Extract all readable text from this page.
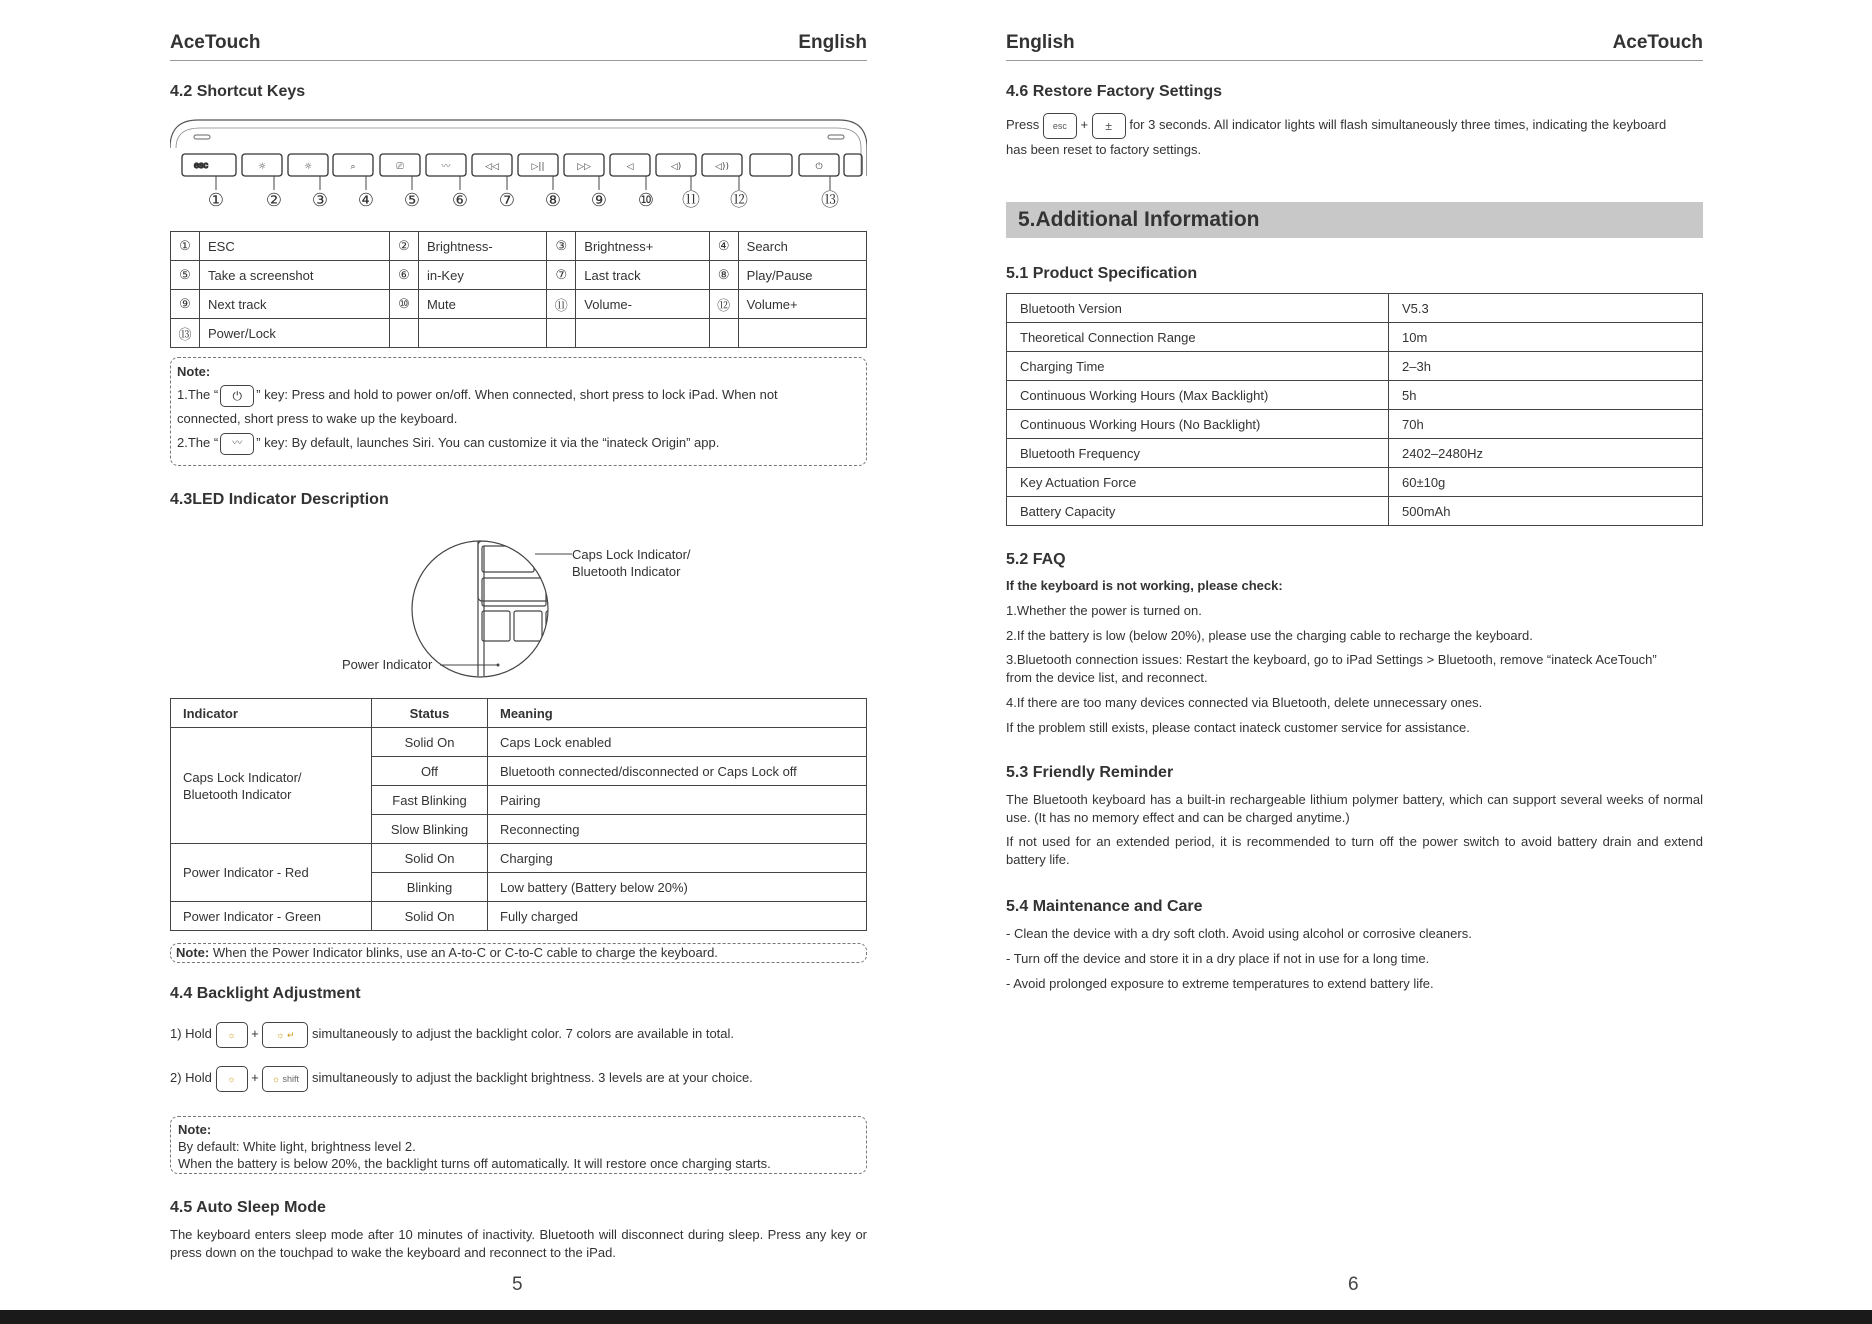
AceTouch	English
4.2 Shortcut Keys
☼	☼	⌕	⎚	〰	◁◁	▷||	▷▷	◁	◁)	◁))	⏻
esc
① ② ③ ④ ⑤ ⑥ ⑦ ⑧ ⑨ ⑩ ⑪ ⑫	⑬
①	ESC	②	Brightness-	③	Brightness+	④	Search
⑤	Take a screenshot	⑥	in-Key	⑦	Last track	⑧	Play/Pause
⑨	Next track	⑩	Mute	⑪	Volume-	⑫	Volume+
⑬	Power/Lock						
Note:
1.The “ ⏻ ” key: Press and hold to power on/off. When connected, short press to lock iPad. When not
connected, short press to wake up the keyboard.
2.The “ 〰 ” key: By default, launches Siri. You can customize it via the “inateck Origin” app.
4.3LED Indicator Description
Caps Lock Indicator/
Bluetooth Indicator
Power Indicator
Indicator	Status	Meaning

Caps Lock Indicator/
Bluetooth Indicator	Solid On	Caps Lock enabled
	Off	Bluetooth connected/disconnected or Caps Lock off
	Fast Blinking	Pairing
	Slow Blinking	Reconnecting
Power Indicator - Red	Solid On	Charging
	Blinking	Low battery (Battery below 20%)
Power Indicator - Green	Solid On	Fully charged
Note: When the Power Indicator blinks, use an A-to-C or C-to-C cable to charge the keyboard.
4.4 Backlight Adjustment
1) Hold ☼ + ☼ ↵ simultaneously to adjust the backlight color. 7 colors are available in total.
2) Hold ☼ + ☼ shift simultaneously to adjust the backlight brightness. 3 levels are at your choice.
Note:
By default: White light, brightness level 2.
When the battery is below 20%, the backlight turns off automatically. It will restore once charging starts.
4.5 Auto Sleep Mode
The keyboard enters sleep mode after 10 minutes of inactivity. Bluetooth will disconnect during sleep. Press any key or press down on the touchpad to wake the keyboard and reconnect to the iPad.
5
English	AceTouch
4.6 Restore Factory Settings
Press esc + ± for 3 seconds. All indicator lights will flash simultaneously three times, indicating the keyboard
has been reset to factory settings.
5.Additional Information
5.1 Product Specification
Bluetooth Version	V5.3
Theoretical Connection Range	10m
Charging Time	2–3h
Continuous Working Hours (Max Backlight)	5h
Continuous Working Hours (No Backlight)	70h
Bluetooth Frequency	2402–2480Hz
Key Actuation Force	60±10g
Battery Capacity	500mAh
5.2 FAQ
If the keyboard is not working, please check:
1.Whether the power is turned on.
2.If the battery is low (below 20%), please use the charging cable to recharge the keyboard.
3.Bluetooth connection issues: Restart the keyboard, go to iPad Settings > Bluetooth, remove “inateck AceTouch”
from the device list, and reconnect.
4.If there are too many devices connected via Bluetooth, delete unnecessary ones.
If the problem still exists, please contact inateck customer service for assistance.
5.3 Friendly Reminder
The Bluetooth keyboard has a built-in rechargeable lithium polymer battery, which can support several weeks of normal use. (It has no memory effect and can be charged anytime.)
If not used for an extended period, it is recommended to turn off the power switch to avoid battery drain and extend battery life.
5.4 Maintenance and Care
- Clean the device with a dry soft cloth. Avoid using alcohol or corrosive cleaners.
- Turn off the device and store it in a dry place if not in use for a long time.
- Avoid prolonged exposure to extreme temperatures to extend battery life.
6
